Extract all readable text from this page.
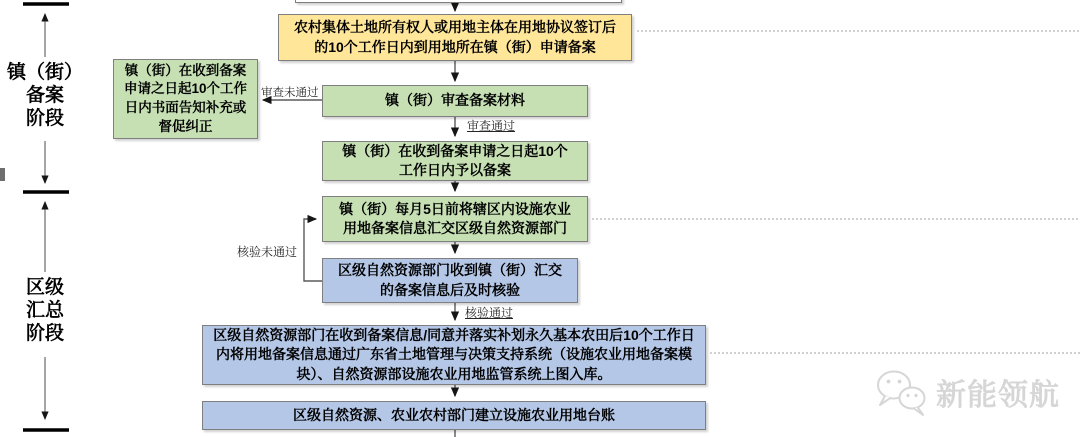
镇（街）
备案
阶段
区级
汇总
阶段
农村集体土地所有权人或用地主体在用地协议签订后的10个工作日内到用地所在镇（街）申请备案
镇（街）在收到备案申请之日起10个工作日内书面告知补充或督促纠正
镇（街）审查备案材料
镇（街）在收到备案申请之日起10个工作日内予以备案
镇（街）每月5日前将辖区内设施农业用地备案信息汇交区级自然资源部门
区级自然资源部门收到镇（街）汇交的备案信息后及时核验
区级自然资源部门在收到备案信息/同意并落实补划永久基本农田后10个工作日内将用地备案信息通过广东省土地管理与决策支持系统（设施农业用地备案模块）、自然资源部设施农业用地监管系统上图入库。
区级自然资源、农业农村部门建立设施农业用地台账
审查未通过
审查通过
核验未通过
核验通过
新能领航
